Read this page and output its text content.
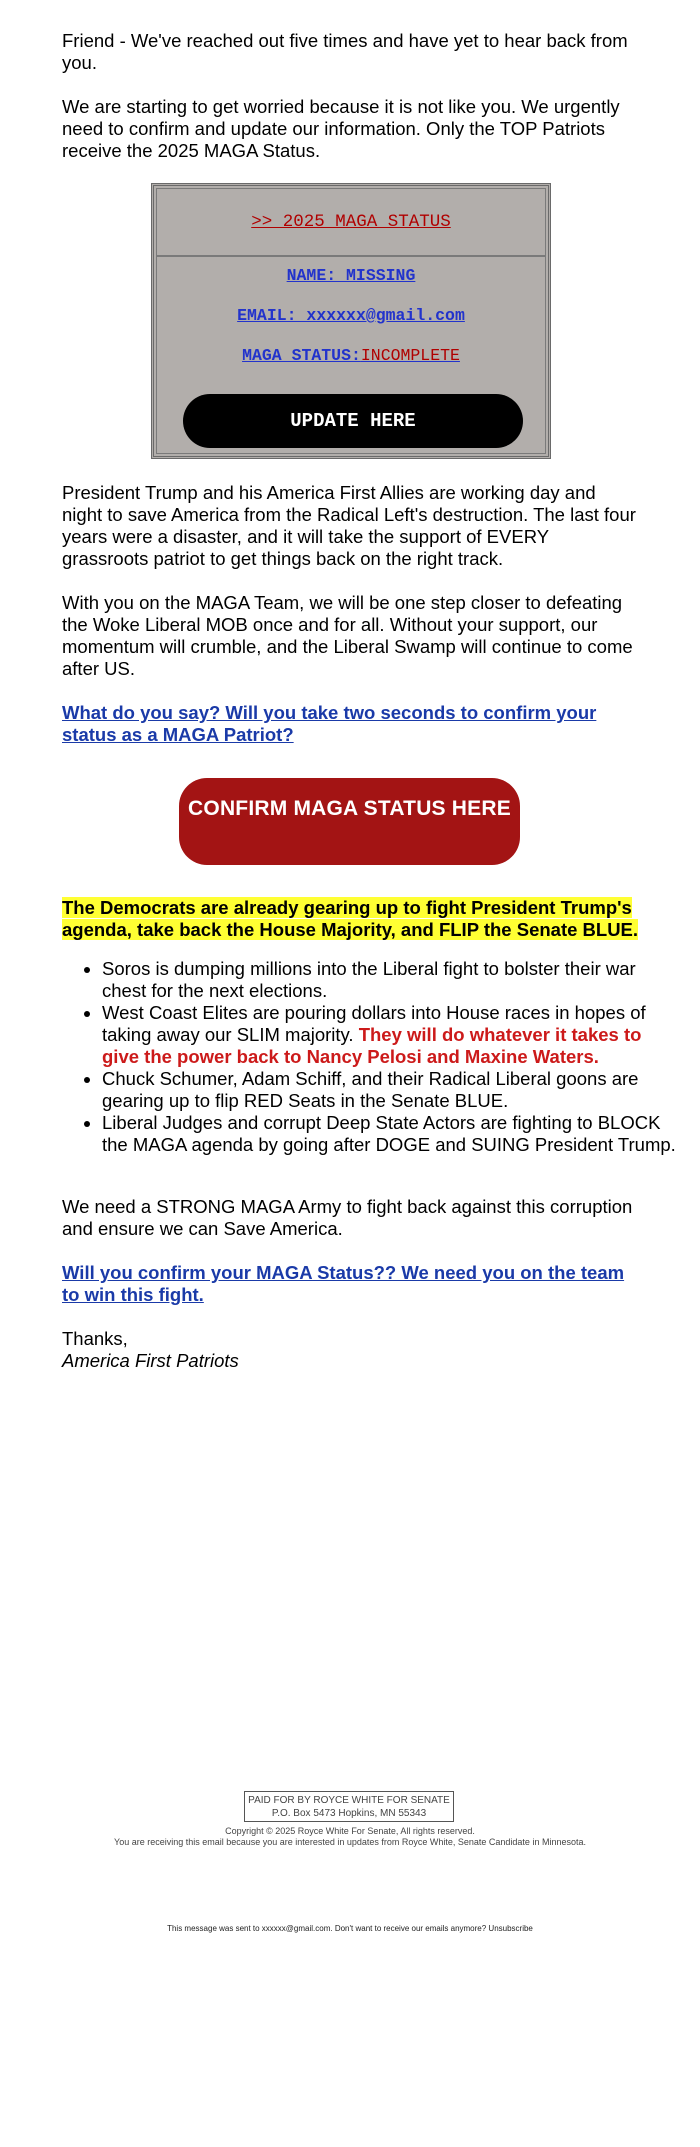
Friend - We've reached out five times and have yet to hear back from you.

We are starting to get worried because it is not like you. We urgently need to confirm and update our information. Only the TOP Patriots receive the 2025 MAGA Status.

>> 2025 MAGA STATUS
NAME: MISSING
EMAIL: xxxxxx@gmail.com
MAGA STATUS:INCOMPLETE
UPDATE HERE

President Trump and his America First Allies are working day and night to save America from the Radical Left's destruction. The last four years were a disaster, and it will take the support of EVERY grassroots patriot to get things back on the right track.

With you on the MAGA Team, we will be one step closer to defeating the Woke Liberal MOB once and for all. Without your support, our momentum will crumble, and the Liberal Swamp will continue to come after US.

What do you say? Will you take two seconds to confirm your status as a MAGA Patriot?

CONFIRM MAGA STATUS HERE

The Democrats are already gearing up to fight President Trump's agenda, take back the House Majority, and FLIP the Senate BLUE.

• Soros is dumping millions into the Liberal fight to bolster their war chest for the next elections.
• West Coast Elites are pouring dollars into House races in hopes of taking away our SLIM majority. They will do whatever it takes to give the power back to Nancy Pelosi and Maxine Waters.
• Chuck Schumer, Adam Schiff, and their Radical Liberal goons are gearing up to flip RED Seats in the Senate BLUE.
• Liberal Judges and corrupt Deep State Actors are fighting to BLOCK the MAGA agenda by going after DOGE and SUING President Trump.

We need a STRONG MAGA Army to fight back against this corruption and ensure we can Save America.

Will you confirm your MAGA Status?? We need you on the team to win this fight.

Thanks,

America First Patriots

PAID FOR BY ROYCE WHITE FOR SENATE
P.O. Box 5473 Hopkins, MN 55343
Copyright © 2025 Royce White For Senate, All rights reserved.
You are receiving this email because you are interested in updates from Royce White, Senate Candidate in Minnesota.
This message was sent to xxxxxx@gmail.com. Don't want to receive our emails anymore? Unsubscribe
